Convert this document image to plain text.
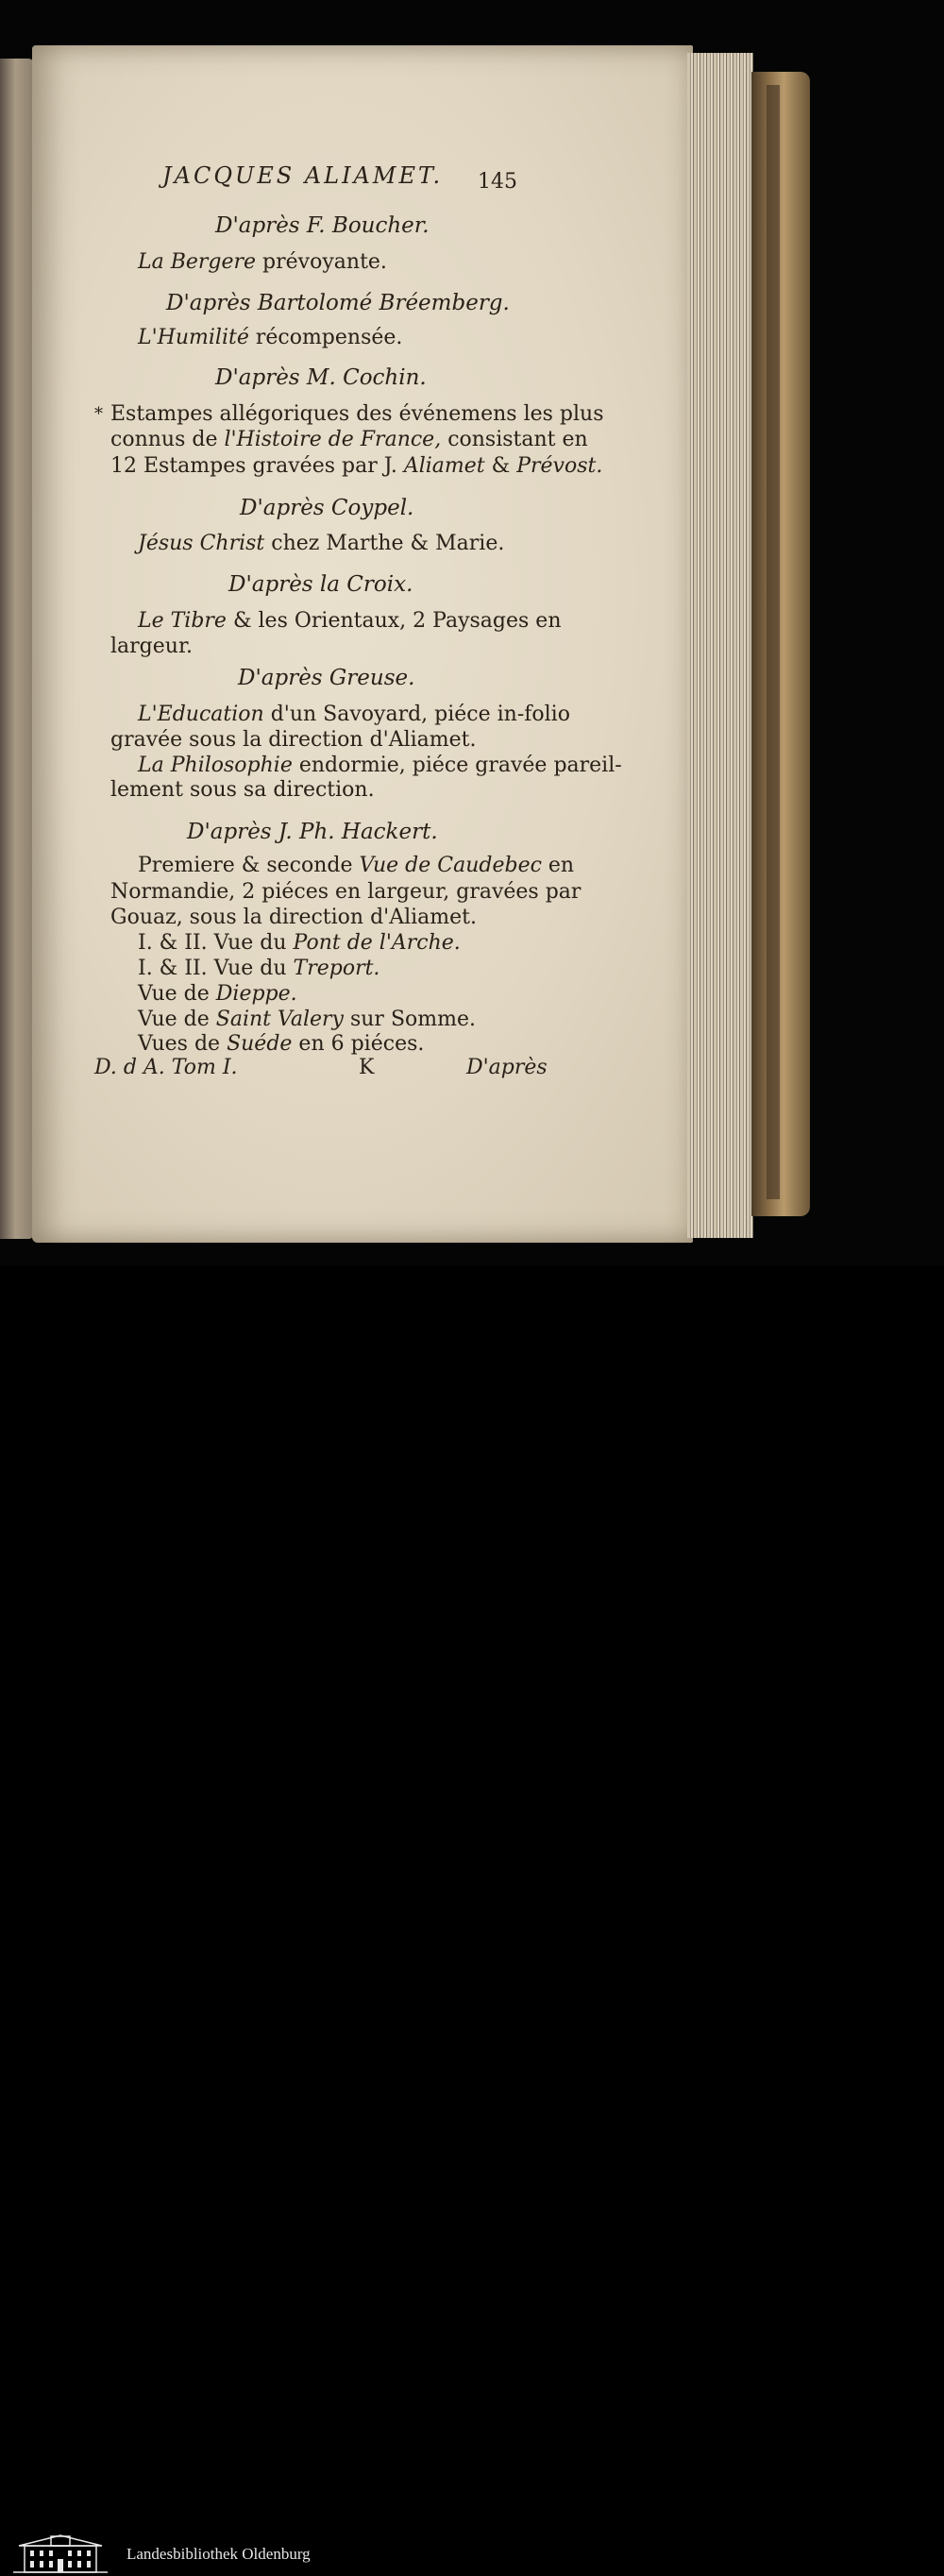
JACQUES ALIAMET. 145
D'après F. Boucher.
La Bergere prévoyante.
D'après Bartolomé Bréemberg.
L'Humilité récompensée.
D'après M. Cochin.
* Estampes allégoriques des événemens les plus
connus de l'Histoire de France, consistant en
12 Estampes gravées par J. Aliamet & Prévost.
D'après Coypel.
Jésus Christ chez Marthe & Marie.
D'après la Croix.
Le Tibre & les Orientaux, 2 Paysages en
largeur.
D'après Greuse.
L'Education d'un Savoyard, piéce in-folio
gravée sous la direction d'Aliamet.
La Philosophie endormie, piéce gravée pareil-
lement sous sa direction.
D'après J. Ph. Hackert.
Premiere & seconde Vue de Caudebec en
Normandie, 2 piéces en largeur, gravées par
Gouaz, sous la direction d'Aliamet.
I. & II. Vue du Pont de l'Arche.
I. & II. Vue du Treport.
Vue de Dieppe.
Vue de Saint Valery sur Somme.
Vues de Suéde en 6 piéces.
D. d A. Tom I.	K	D'après
Landesbibliothek Oldenburg
